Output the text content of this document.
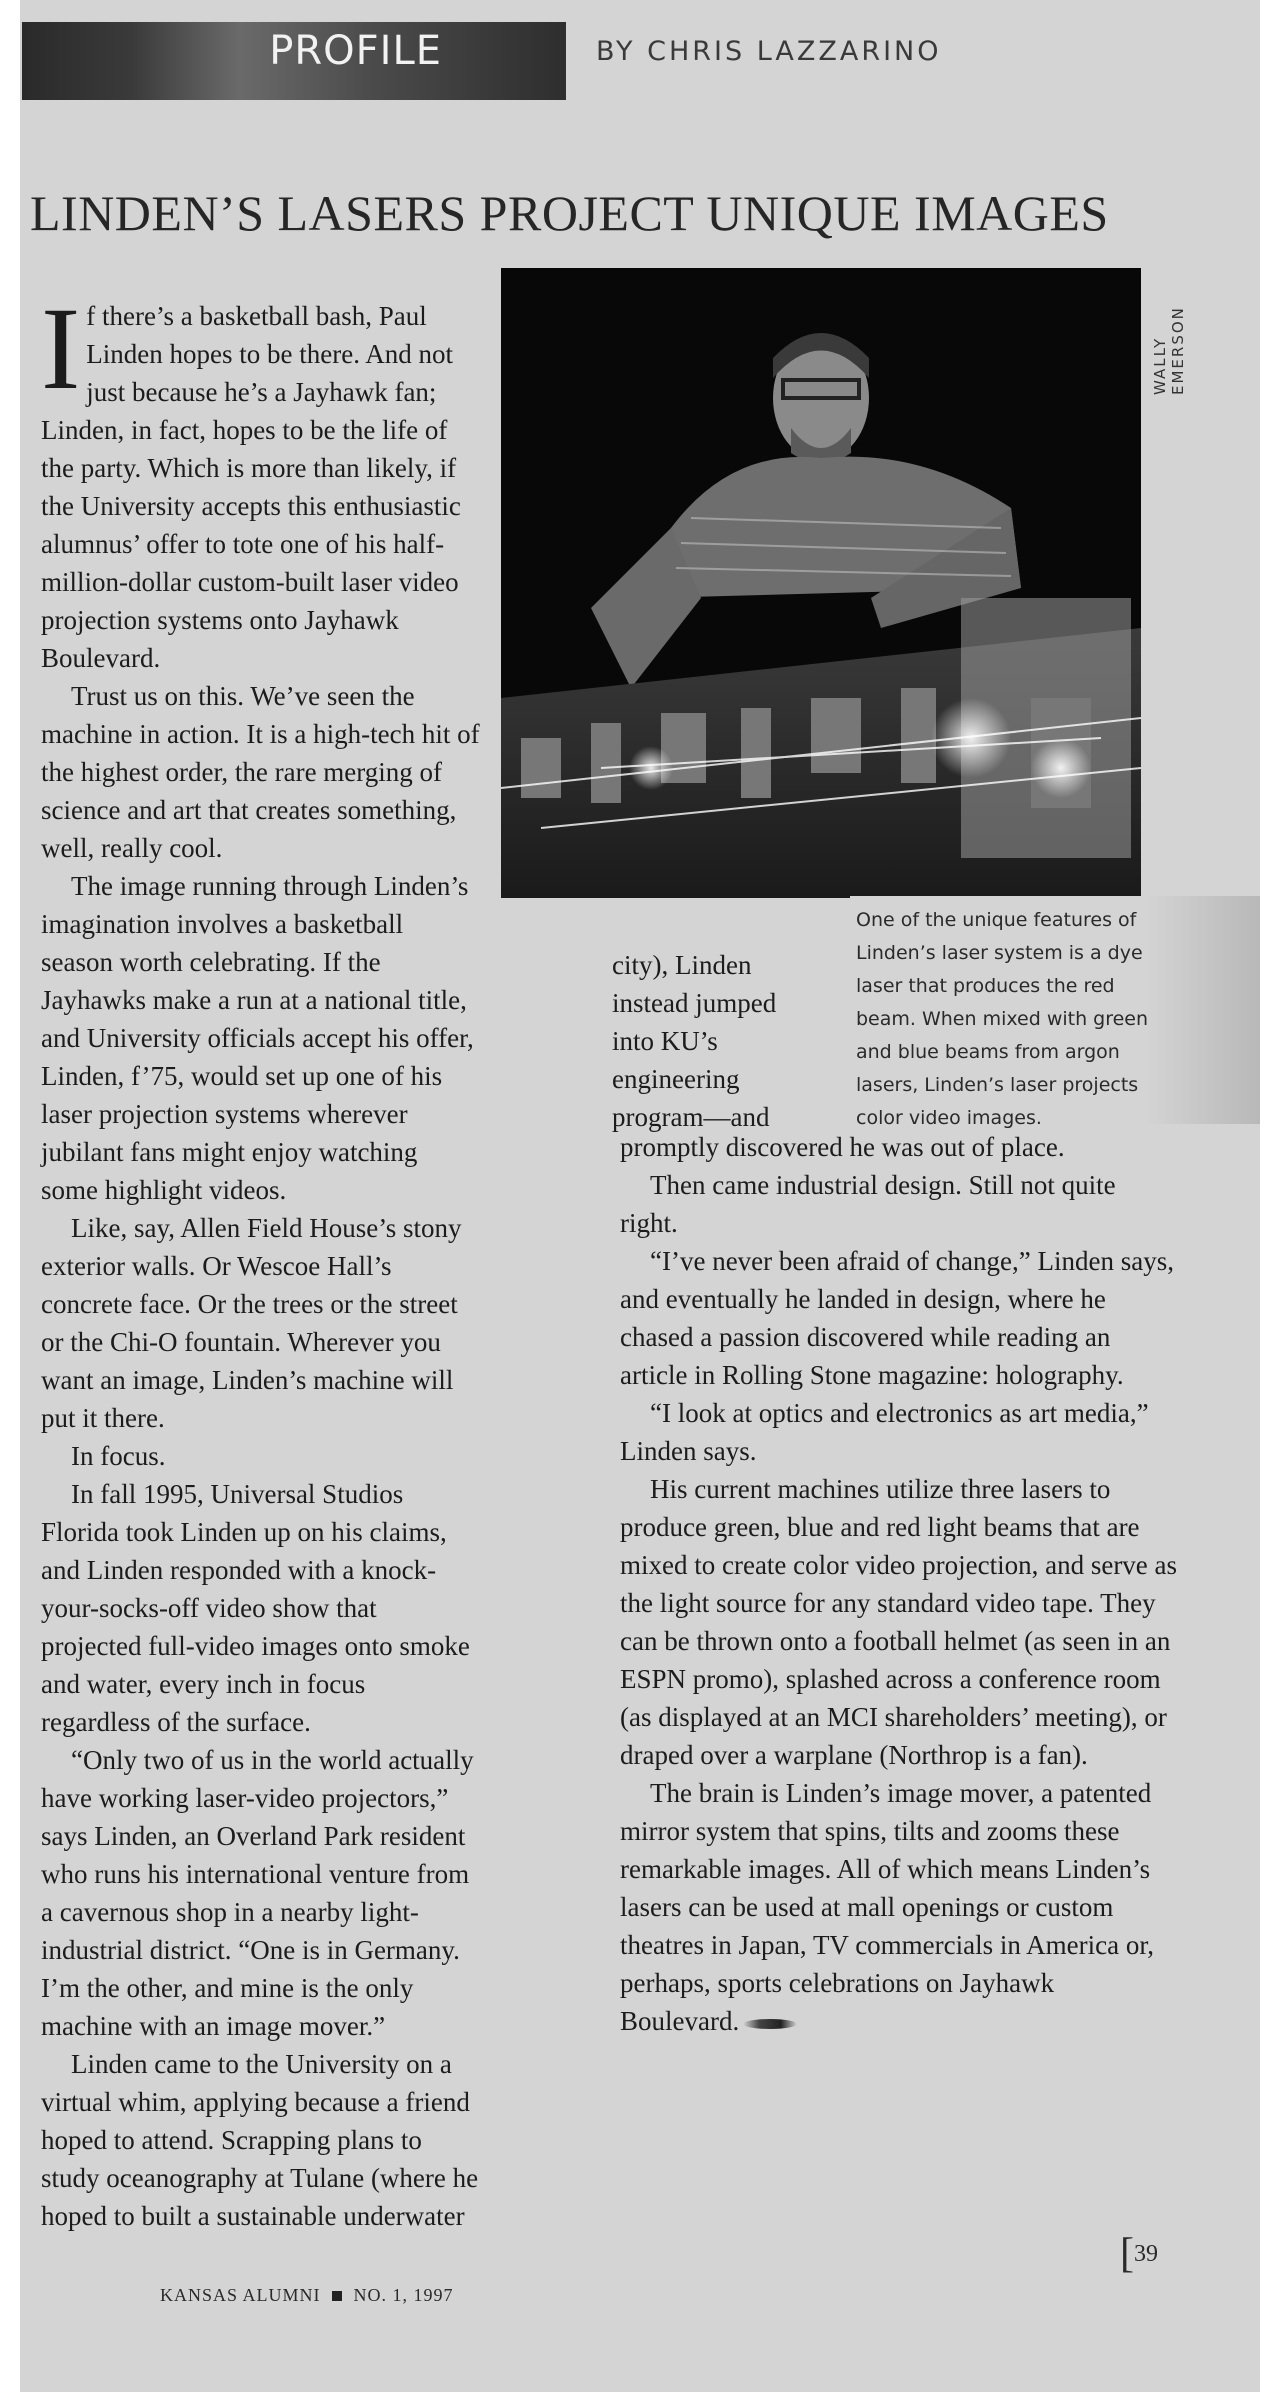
PROFILE	BY CHRIS LAZZARINO
LINDEN’S LASERS PROJECT UNIQUE IMAGES
WALLY EMERSON

One of the unique features of Linden’s laser system is a dye laser that produces the red beam. When mixed with green and blue beams from argon lasers, Linden’s laser projects color video images.

If there’s a basketball bash, Paul Linden hopes to be there. And not just because he’s a Jayhawk fan; Linden, in fact, hopes to be the life of the party. Which is more than likely, if the University accepts this enthusiastic alumnus’ offer to tote one of his half-million-dollar custom-built laser video projection systems onto Jayhawk Boulevard.

Trust us on this. We’ve seen the machine in action. It is a high-tech hit of the highest order, the rare merging of science and art that creates something, well, really cool.

The image running through Linden’s imagination involves a basketball season worth celebrating. If the Jayhawks make a run at a national title, and University officials accept his offer, Linden, f’75, would set up one of his laser projection systems wherever jubilant fans might enjoy watching some highlight videos.

Like, say, Allen Field House’s stony exterior walls. Or Wescoe Hall’s concrete face. Or the trees or the street or the Chi-O fountain. Wherever you want an image, Linden’s machine will put it there.

In focus.

In fall 1995, Universal Studios Florida took Linden up on his claims, and Linden responded with a knock-your-socks-off video show that projected full-video images onto smoke and water, every inch in focus regardless of the surface.

“Only two of us in the world actually have working laser-video projectors,” says Linden, an Overland Park resident who runs his international venture from a cavernous shop in a nearby light-industrial district. “One is in Germany. I’m the other, and mine is the only machine with an image mover.”

Linden came to the University on a virtual whim, applying because a friend hoped to attend. Scrapping plans to study oceanography at Tulane (where he hoped to built a sustainable underwater

city), Linden instead jumped into KU’s engineering program—and

promptly discovered he was out of place.

Then came industrial design. Still not quite right.

“I’ve never been afraid of change,” Linden says, and eventually he landed in design, where he chased a passion discovered while reading an article in Rolling Stone magazine: holography.

“I look at optics and electronics as art media,” Linden says.

His current machines utilize three lasers to produce green, blue and red light beams that are mixed to create color video projection, and serve as the light source for any standard video tape. They can be thrown onto a football helmet (as seen in an ESPN promo), splashed across a conference room (as displayed at an MCI shareholders’ meeting), or draped over a warplane (Northrop is a fan).

The brain is Linden’s image mover, a patented mirror system that spins, tilts and zooms these remarkable images. All of which means Linden’s lasers can be used at mall openings or custom theatres in Japan, TV commercials in America or, perhaps, sports celebrations on Jayhawk Boulevard.

KANSAS ALUMNI NO. 1, 1997
[39
